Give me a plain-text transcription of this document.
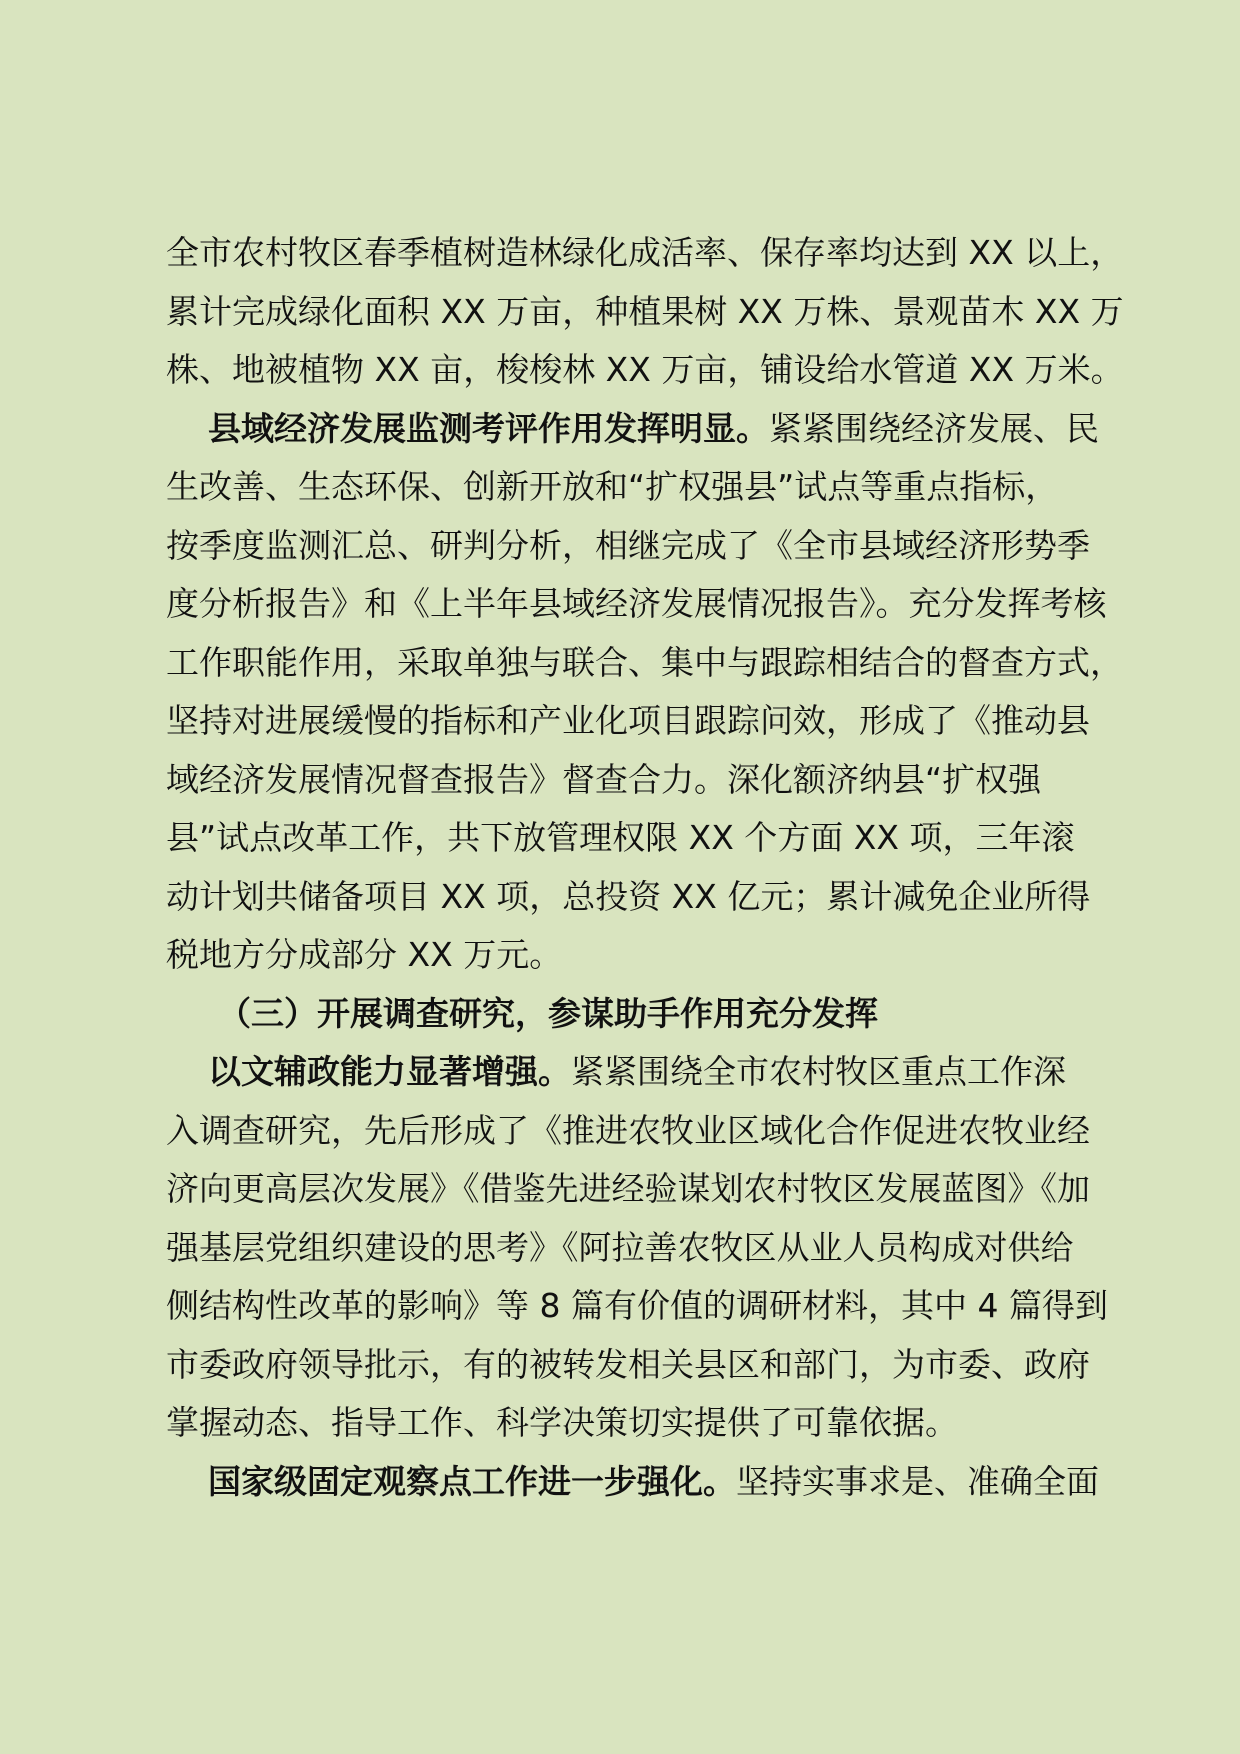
全市农村牧区春季植树造林绿化成活率、保存率均达到 XX 以上，
累计完成绿化面积 XX 万亩，种植果树 XX 万株、景观苗木 XX 万
株、地被植物 XX 亩，梭梭林 XX 万亩，铺设给水管道 XX 万米。
县域经济发展监测考评作用发挥明显。紧紧围绕经济发展、民
生改善、生态环保、创新开放和“扩权强县”试点等重点指标，
按季度监测汇总、研判分析，相继完成了《全市县域经济形势季
度分析报告》和《上半年县域经济发展情况报告》。充分发挥考核
工作职能作用，采取单独与联合、集中与跟踪相结合的督查方式，
坚持对进展缓慢的指标和产业化项目跟踪问效，形成了《推动县
域经济发展情况督查报告》督查合力。深化额济纳县“扩权强
县”试点改革工作，共下放管理权限 XX 个方面 XX 项，三年滚
动计划共储备项目 XX 项，总投资 XX 亿元；累计减免企业所得
税地方分成部分 XX 万元。
（三）开展调查研究，参谋助手作用充分发挥
以文辅政能力显著增强。紧紧围绕全市农村牧区重点工作深
入调查研究，先后形成了《推进农牧业区域化合作促进农牧业经
济向更高层次发展》《借鉴先进经验谋划农村牧区发展蓝图》《加
强基层党组织建设的思考》《阿拉善农牧区从业人员构成对供给
侧结构性改革的影响》等 8 篇有价值的调研材料，其中 4 篇得到
市委政府领导批示，有的被转发相关县区和部门，为市委、政府
掌握动态、指导工作、科学决策切实提供了可靠依据。
国家级固定观察点工作进一步强化。坚持实事求是、准确全面
